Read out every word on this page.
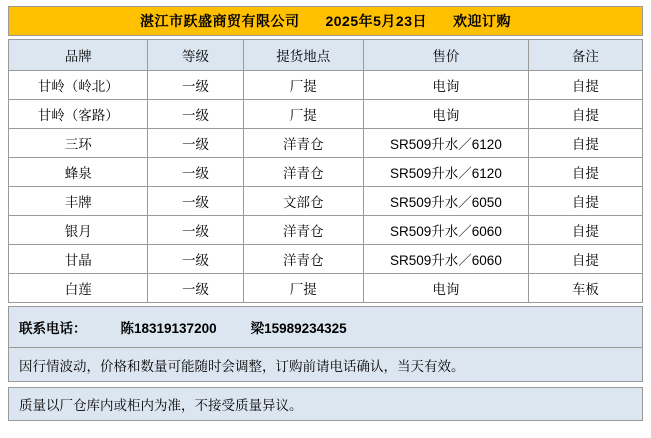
湛江市跃盛商贸有限公司 2025年5月23日 欢迎订购
品牌	等级	提货地点	售价	备注
甘岭（岭北）	一级	厂提	电询	自提
甘岭（客路）	一级	厂提	电询	自提
三环	一级	洋青仓	SR509升水／6120	自提
蜂泉	一级	洋青仓	SR509升水／6120	自提
丰牌	一级	文部仓	SR509升水／6050	自提
银月	一级	洋青仓	SR509升水／6060	自提
甘晶	一级	洋青仓	SR509升水／6060	自提
白莲	一级	厂提	电询	车板
联系电话：	陈18319137200	梁15989234325
因行情波动，价格和数量可能随时会调整，订购前请电话确认，当天有效。
质量以厂仓库内或柜内为准，不接受质量异议。
